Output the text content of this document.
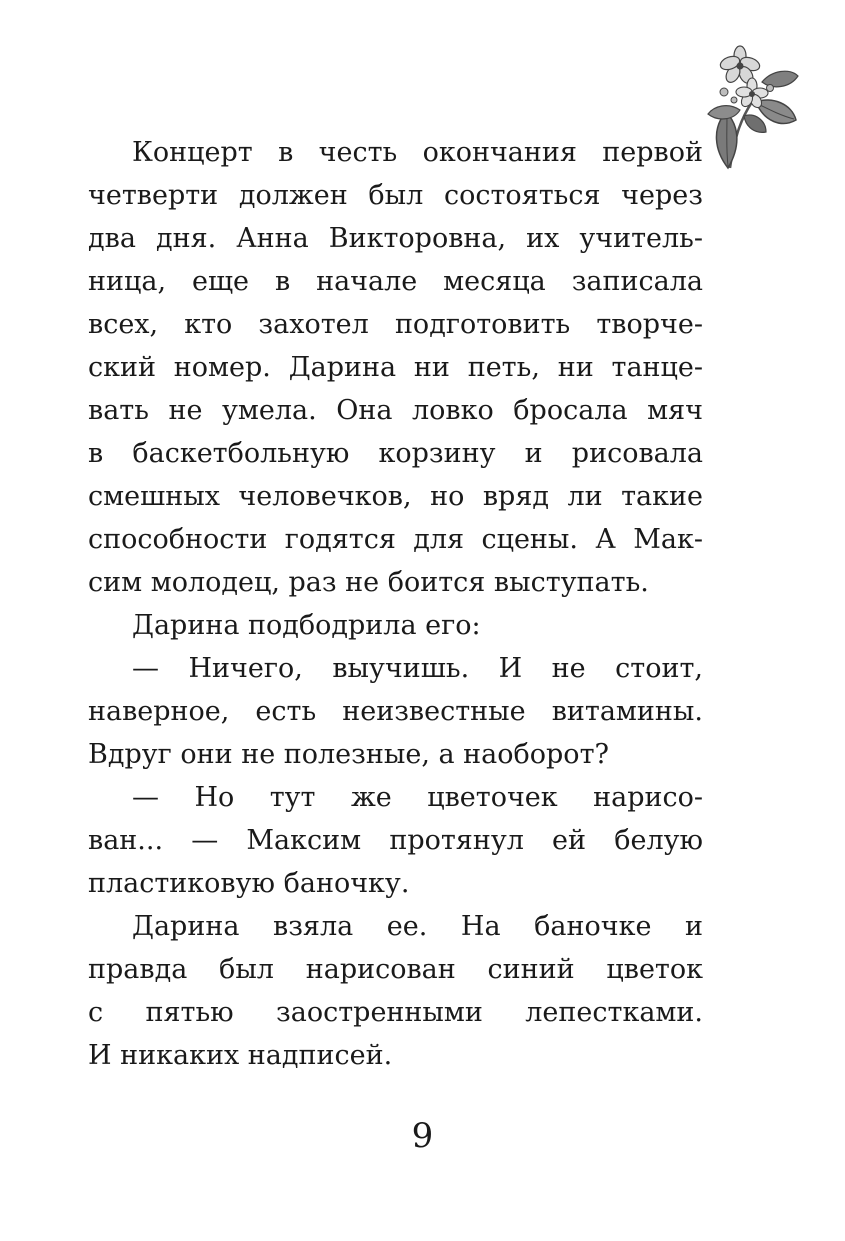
Концерт в честь окончания первой
четверти должен был состояться через
два дня. Анна Викторовна, их учитель-
ница, еще в начале месяца записала
всех, кто захотел подготовить творче-
ский номер. Дарина ни петь, ни танце-
вать не умела. Она ловко бросала мяч
в баскетбольную корзину и рисовала
смешных человечков, но вряд ли такие
способности годятся для сцены. А Мак-
сим молодец, раз не боится выступать.
Дарина подбодрила его:
— Ничего, выучишь. И не стоит,
наверное, есть неизвестные витамины.
Вдруг они не полезные, а наоборот?
— Но тут же цветочек нарисо-
ван... — Максим протянул ей белую
пластиковую баночку.
Дарина взяла ее. На баночке и
правда был нарисован синий цветок
с пятью заостренными лепестками.
И никаких надписей.
9
